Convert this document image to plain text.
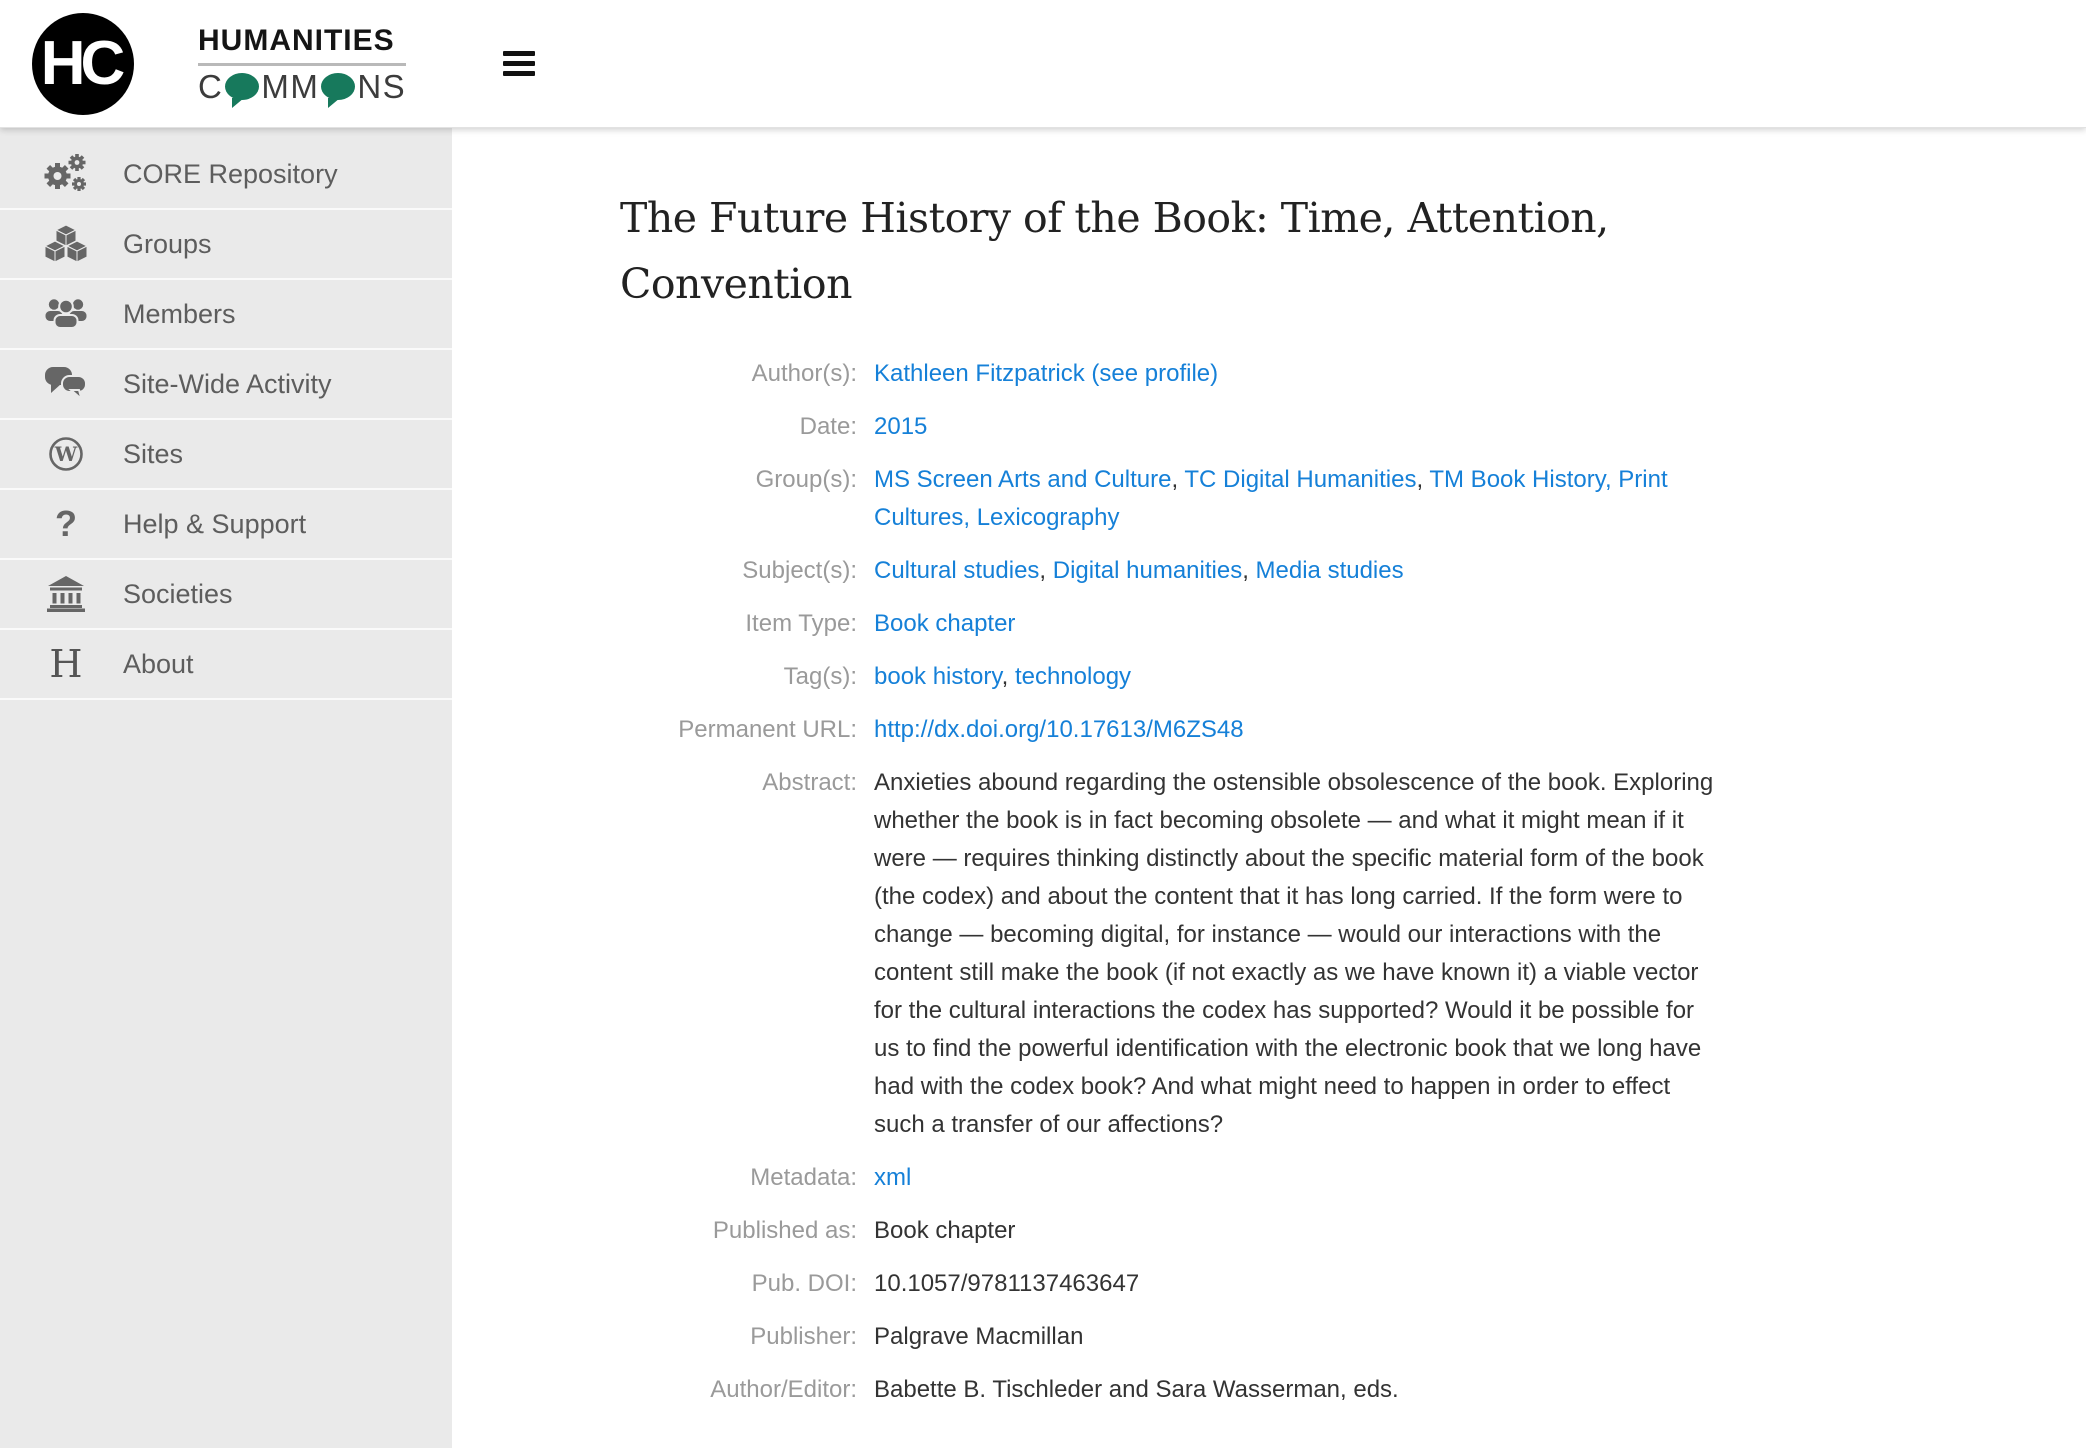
HC	HUMANITIES
C MM NS
CORE Repository
Groups
Members
Site-Wide Activity
W Sites
? Help & Support
Societies
H About
The Future History of the Book: Time, Attention, Convention
Author(s): Kathleen Fitzpatrick (see profile)
Date: 2015
Group(s): MS Screen Arts and Culture, TC Digital Humanities, TM Book History, Print Cultures, Lexicography
Subject(s): Cultural studies, Digital humanities, Media studies
Item Type: Book chapter
Tag(s): book history, technology
Permanent URL: http://dx.doi.org/10.17613/M6ZS48
Abstract: Anxieties abound regarding the ostensible obsolescence of the book. Exploring whether the book is in fact becoming obsolete — and what it might mean if it were — requires thinking distinctly about the specific material form of the book (the codex) and about the content that it has long carried. If the form were to change — becoming digital, for instance — would our interactions with the content still make the book (if not exactly as we have known it) a viable vector for the cultural interactions the codex has supported? Would it be possible for us to find the powerful identification with the electronic book that we long have had with the codex book? And what might need to happen in order to effect such a transfer of our affections?
Metadata: xml
Published as: Book chapter
Pub. DOI: 10.1057/9781137463647
Publisher: Palgrave Macmillan
Author/Editor: Babette B. Tischleder and Sara Wasserman, eds.
